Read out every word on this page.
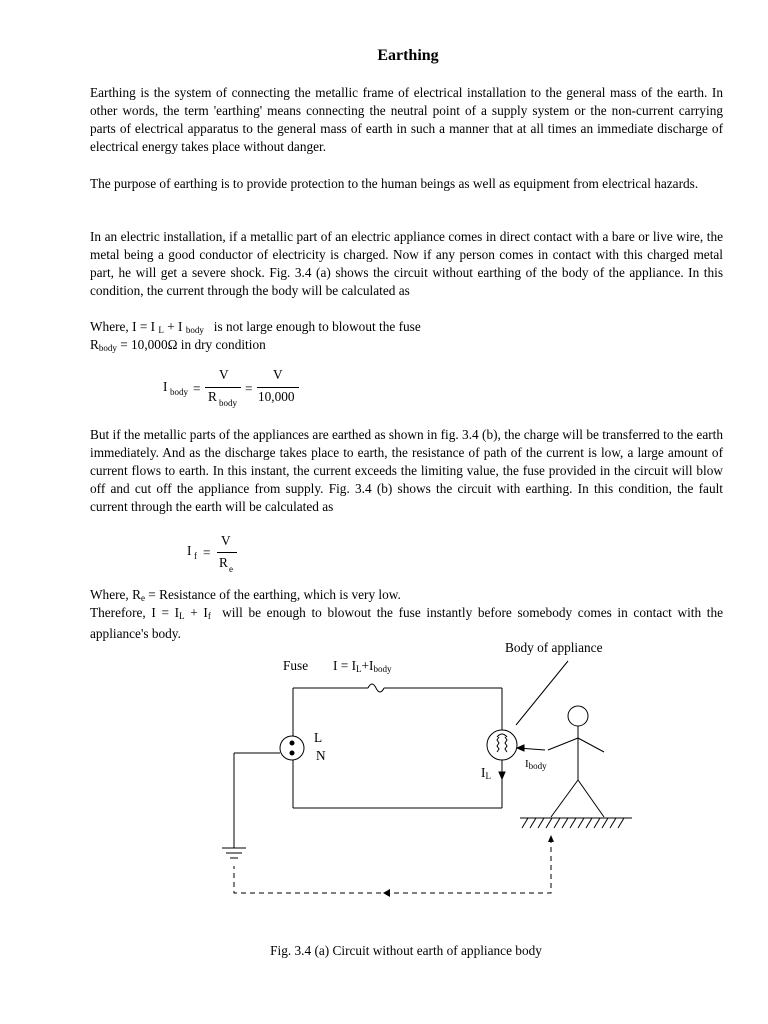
Earthing

Earthing is the system of connecting the metallic frame of electrical installation to the general mass of the earth. In other words, the term 'earthing' means connecting the neutral point of a supply system or the non-current carrying parts of electrical apparatus to the general mass of earth in such a manner that at all times an immediate discharge of electrical energy takes place without danger.

The purpose of earthing is to provide protection to the human beings as well as equipment from electrical hazards.

In an electric installation, if a metallic part of an electric appliance comes in direct contact with a bare or live wire, the metal being a good conductor of electricity is charged. Now if any person comes in contact with this charged metal part, he will get a severe shock. Fig. 3.4 (a) shows the circuit without earthing of the body of the appliance. In this condition, the current through the body will be calculated as

Where, I = I $_L$ + I $_{body}$   is not large enough to blowout the fuse

$R_{body} = 10,000\Omega$ in dry condition

I body =
V
R body
=
V
10,000

But if the metallic parts of the appliances are earthed as shown in fig. 3.4 (b), the charge will be transferred to the earth immediately. And as the discharge takes place to earth, the resistance of path of the current is low, a large amount of current flows to earth. In this instant, the current exceeds the limiting value, the fuse provided in the circuit will blow off and cut off the appliance from supply. Fig. 3.4 (b) shows the circuit with earthing. In this condition, the fault current through the earth will be calculated as

I f =
V
R e

Where, $R_e$ = Resistance of the earthing, which is very low.

Therefore, $I = I_L + I_f$ will be enough to blowout the fuse instantly before somebody comes in contact with the appliance's body.

Body of appliance
Fuse $I = I_L+I_{body}$
L
N
$I_L$
$I_{body}$
Fig. 3.4 (a) Circuit without earth of appliance body
